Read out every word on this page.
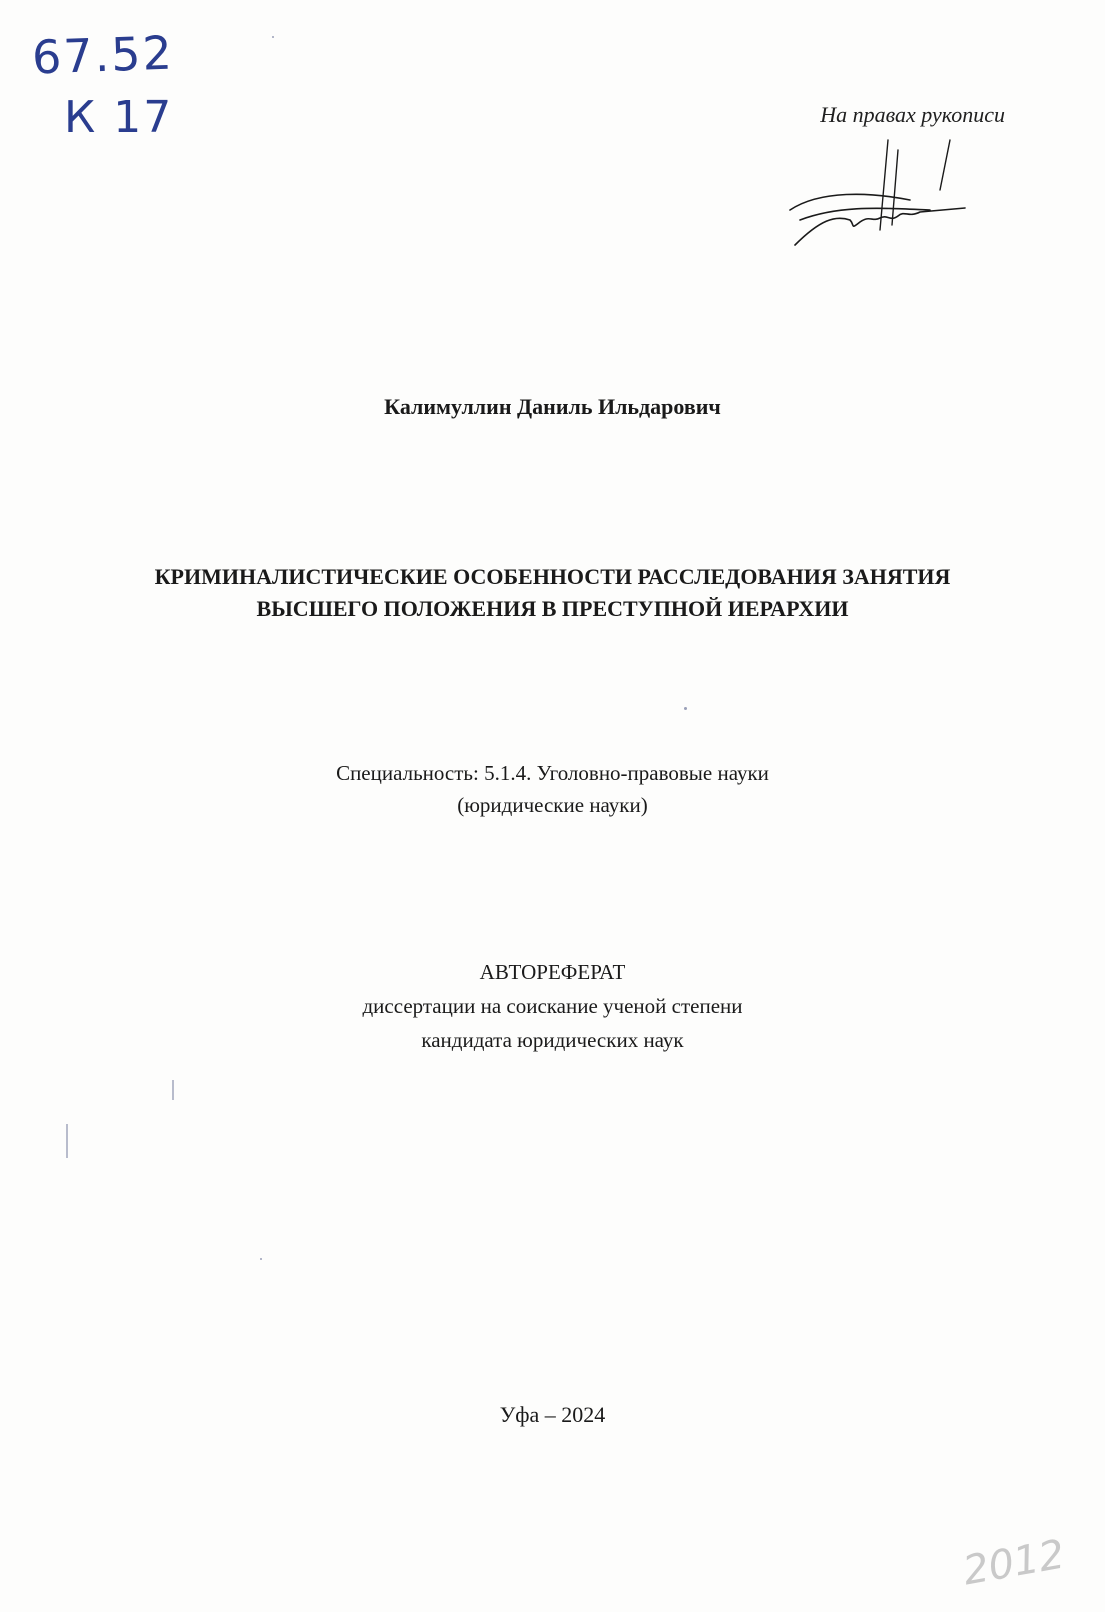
67.52
К 17	На правах рукописи
Калимуллин Даниль Ильдарович
КРИМИНАЛИСТИЧЕСКИЕ ОСОБЕННОСТИ РАССЛЕДОВАНИЯ ЗАНЯТИЯ
ВЫСШЕГО ПОЛОЖЕНИЯ В ПРЕСТУПНОЙ ИЕРАРХИИ
Специальность: 5.1.4. Уголовно-правовые науки
(юридические науки)
АВТОРЕФЕРАТ
диссертации на соискание ученой степени
кандидата юридических наук
Уфа – 2024
2012
